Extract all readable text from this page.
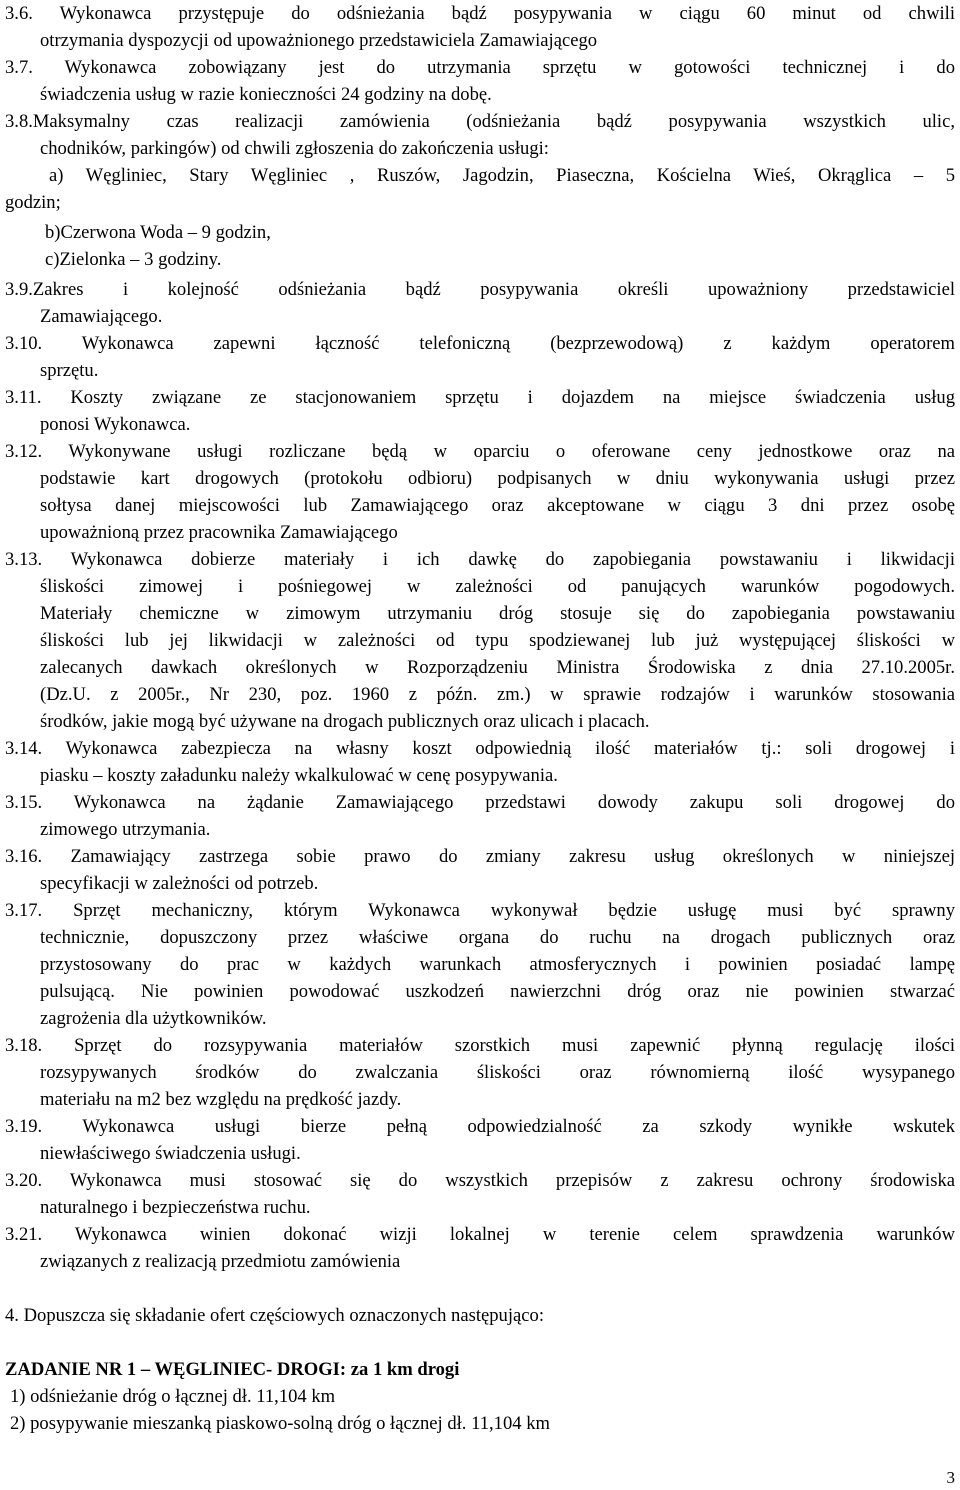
3.6. Wykonawca przystępuje do odśnieżania bądź posypywania w ciągu 60 minut od chwili
otrzymania dyspozycji od upoważnionego przedstawiciela Zamawiającego
3.7. Wykonawca zobowiązany jest do utrzymania sprzętu w gotowości technicznej i do
świadczenia usług w razie konieczności 24 godziny na dobę.
3.8.Maksymalny czas realizacji zamówienia (odśnieżania bądź posypywania wszystkich ulic,
chodników, parkingów) od chwili zgłoszenia do zakończenia usługi:
a) Węgliniec, Stary Węgliniec , Ruszów, Jagodzin, Piaseczna, Kościelna Wieś, Okrąglica – 5
godzin;
b)Czerwona Woda – 9 godzin,
c)Zielonka – 3 godziny.
3.9.Zakres i kolejność odśnieżania bądź posypywania określi upoważniony przedstawiciel
Zamawiającego.
3.10. Wykonawca zapewni łączność telefoniczną (bezprzewodową) z każdym operatorem
sprzętu.
3.11. Koszty związane ze stacjonowaniem sprzętu i dojazdem na miejsce świadczenia usług
ponosi Wykonawca.
3.12. Wykonywane usługi rozliczane będą w oparciu o oferowane ceny jednostkowe oraz na
podstawie kart drogowych (protokołu odbioru) podpisanych w dniu wykonywania usługi przez
sołtysa danej miejscowości lub Zamawiającego oraz akceptowane w ciągu 3 dni przez osobę
upoważnioną przez pracownika Zamawiającego
3.13. Wykonawca dobierze materiały i ich dawkę do zapobiegania powstawaniu i likwidacji
śliskości zimowej i pośniegowej w zależności od panujących warunków pogodowych.
Materiały chemiczne w zimowym utrzymaniu dróg stosuje się do zapobiegania powstawaniu
śliskości lub jej likwidacji w zależności od typu spodziewanej lub już występującej śliskości w
zalecanych dawkach określonych w Rozporządzeniu Ministra Środowiska z dnia 27.10.2005r.
(Dz.U. z 2005r., Nr 230, poz. 1960 z późn. zm.) w sprawie rodzajów i warunków stosowania
środków, jakie mogą być używane na drogach publicznych oraz ulicach i placach.
3.14. Wykonawca zabezpiecza na własny koszt odpowiednią ilość materiałów tj.: soli drogowej i
piasku – koszty załadunku należy wkalkulować w cenę posypywania.
3.15. Wykonawca na żądanie Zamawiającego przedstawi dowody zakupu soli drogowej do
zimowego utrzymania.
3.16. Zamawiający zastrzega sobie prawo do zmiany zakresu usług określonych w niniejszej
specyfikacji w zależności od potrzeb.
3.17. Sprzęt mechaniczny, którym Wykonawca wykonywał będzie usługę musi być sprawny
technicznie, dopuszczony przez właściwe organa do ruchu na drogach publicznych oraz
przystosowany do prac w każdych warunkach atmosferycznych i powinien posiadać lampę
pulsującą. Nie powinien powodować uszkodzeń nawierzchni dróg oraz nie powinien stwarzać
zagrożenia dla użytkowników.
3.18. Sprzęt do rozsypywania materiałów szorstkich musi zapewnić płynną regulację ilości
rozsypywanych środków do zwalczania śliskości oraz równomierną ilość wysypanego
materiału na m2 bez względu na prędkość jazdy.
3.19. Wykonawca usługi bierze pełną odpowiedzialność za szkody wynikłe wskutek
niewłaściwego świadczenia usługi.
3.20. Wykonawca musi stosować się do wszystkich przepisów z zakresu ochrony środowiska
naturalnego i bezpieczeństwa ruchu.
3.21. Wykonawca winien dokonać wizji lokalnej w terenie celem sprawdzenia warunków
związanych z realizacją przedmiotu zamówienia
4. Dopuszcza się składanie ofert częściowych oznaczonych następująco:
ZADANIE NR 1 – WĘGLINIEC- DROGI: za 1 km drogi
1) odśnieżanie dróg o łącznej dł. 11,104 km
2) posypywanie mieszanką piaskowo-solną dróg o łącznej dł. 11,104 km
3
